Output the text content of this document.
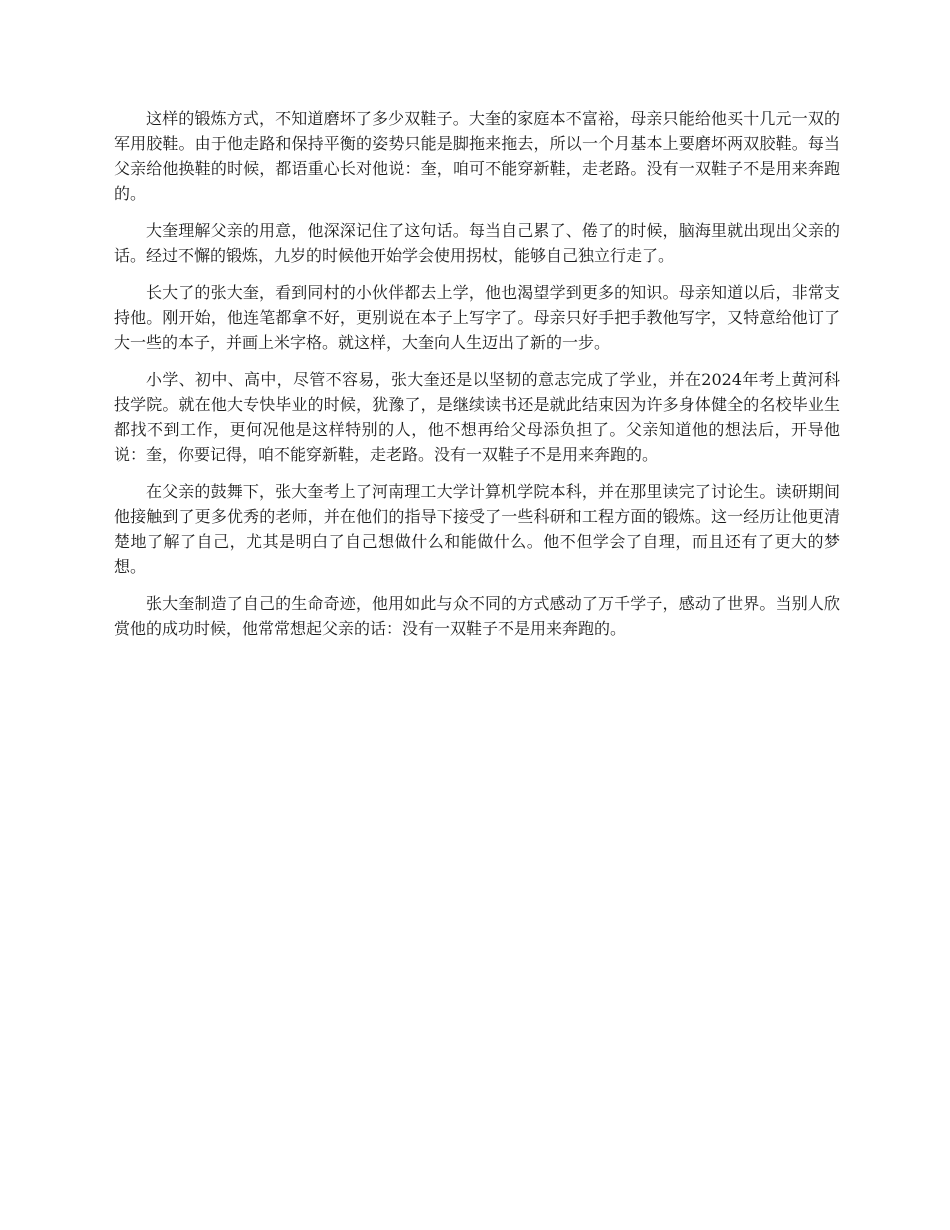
这样的锻炼方式，不知道磨坏了多少双鞋子。大奎的家庭本不富裕，母亲只能给他买十几元一双的军用胶鞋。由于他走路和保持平衡的姿势只能是脚拖来拖去，所以一个月基本上要磨坏两双胶鞋。每当父亲给他换鞋的时候，都语重心长对他说：奎，咱可不能穿新鞋，走老路。没有一双鞋子不是用来奔跑的。

大奎理解父亲的用意，他深深记住了这句话。每当自己累了、倦了的时候，脑海里就出现出父亲的话。经过不懈的锻炼，九岁的时候他开始学会使用拐杖，能够自己独立行走了。

长大了的张大奎，看到同村的小伙伴都去上学，他也渴望学到更多的知识。母亲知道以后，非常支持他。刚开始，他连笔都拿不好，更别说在本子上写字了。母亲只好手把手教他写字，又特意给他订了大一些的本子，并画上米字格。就这样，大奎向人生迈出了新的一步。

小学、初中、高中，尽管不容易，张大奎还是以坚韧的意志完成了学业，并在2024年考上黄河科技学院。就在他大专快毕业的时候，犹豫了，是继续读书还是就此结束因为许多身体健全的名校毕业生都找不到工作，更何况他是这样特别的人，他不想再给父母添负担了。父亲知道他的想法后，开导他说：奎，你要记得，咱不能穿新鞋，走老路。没有一双鞋子不是用来奔跑的。

在父亲的鼓舞下，张大奎考上了河南理工大学计算机学院本科，并在那里读完了讨论生。读研期间他接触到了更多优秀的老师，并在他们的指导下接受了一些科研和工程方面的锻炼。这一经历让他更清楚地了解了自己，尤其是明白了自己想做什么和能做什么。他不但学会了自理，而且还有了更大的梦想。

张大奎制造了自己的生命奇迹，他用如此与众不同的方式感动了万千学子，感动了世界。当别人欣赏他的成功时候，他常常想起父亲的话：没有一双鞋子不是用来奔跑的。
